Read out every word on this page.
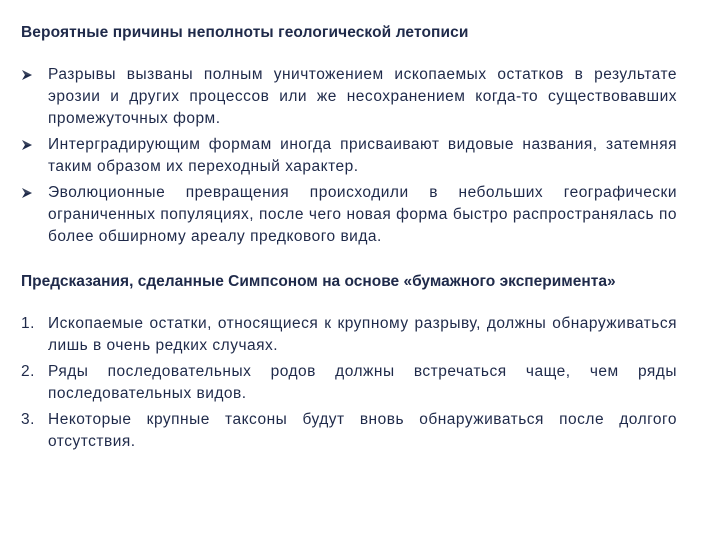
Вероятные причины неполноты геологической летописи
Разрывы вызваны полным уничтожением ископаемых остатков в результате эрозии и других процессов или же несохранением когда-то существовавших промежуточных форм.
Интерградирующим формам иногда присваивают видовые названия, затемняя таким образом их переходный характер.
Эволюционные превращения происходили в небольших географически ограниченных популяциях, после чего новая форма быстро распространялась по более обширному ареалу предкового вида.

Предсказания, сделанные Симпсоном на основе «бумажного эксперимента»

1. Ископаемые остатки, относящиеся к крупному разрыву, должны обнаруживаться лишь в очень редких случаях.
2. Ряды последовательных родов должны встречаться чаще, чем ряды последовательных видов.
3. Некоторые крупные таксоны будут вновь обнаруживаться после долгого отсутствия.
